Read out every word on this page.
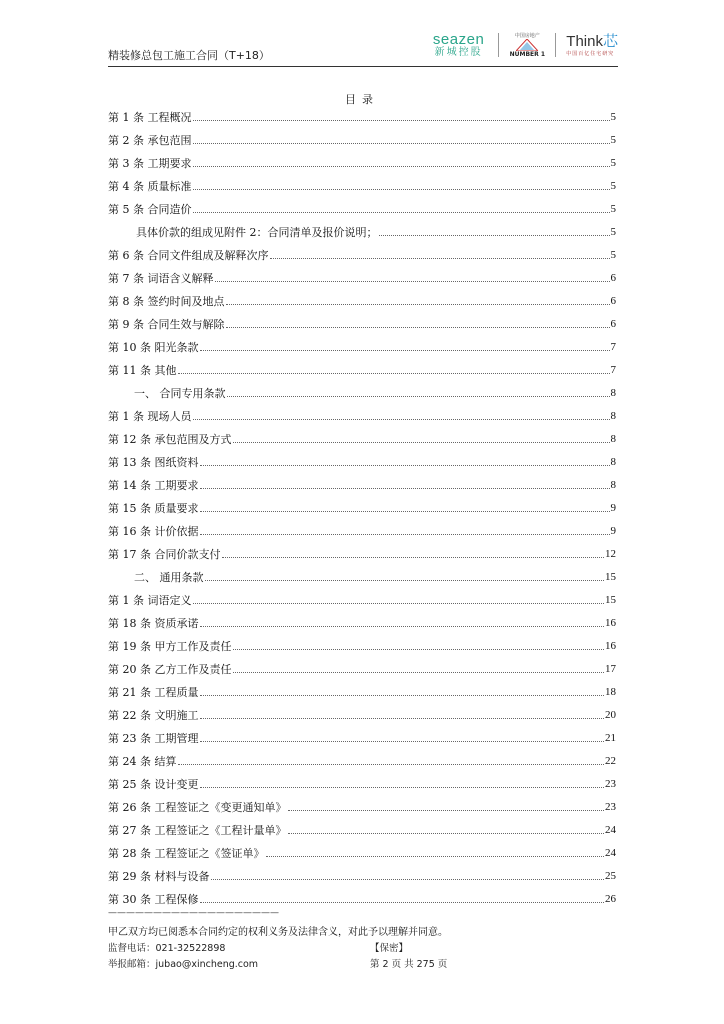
精装修总包工施工合同（T+18）
seazen
新城控股
中国房地产
NUMBER 1
Think芯
中国百亿住宅研究
目录
第 1 条 工程概况	5
第 2 条 承包范围	5
第 3 条 工期要求	5
第 4 条 质量标准	5
第 5 条 合同造价	5
具体价款的组成见附件 2：合同清单及报价说明；	5
第 6 条 合同文件组成及解释次序	5
第 7 条 词语含义解释	6
第 8 条 签约时间及地点	6
第 9 条 合同生效与解除	6
第 10 条 阳光条款	7
第 11 条 其他	7
一、 合同专用条款	8
第 1 条 现场人员	8
第 12 条 承包范围及方式	8
第 13 条 图纸资料	8
第 14 条 工期要求	8
第 15 条 质量要求	9
第 16 条 计价依据	9
第 17 条 合同价款支付	12
二、 通用条款	15
第 1 条 词语定义	15
第 18 条 资质承诺	16
第 19 条 甲方工作及责任	16
第 20 条 乙方工作及责任	17
第 21 条 工程质量	18
第 22 条 文明施工	20
第 23 条 工期管理	21
第 24 条 结算	22
第 25 条 设计变更	23
第 26 条 工程签证之《变更通知单》	23
第 27 条 工程签证之《工程计量单》	24
第 28 条 工程签证之《签证单》	24
第 29 条 材料与设备	25
第 30 条 工程保修	26
———————————————————
甲乙双方均已阅悉本合同约定的权利义务及法律含义，对此予以理解并同意。
监督电话：021-32522898	【保密】
举报邮箱：jubao@xincheng.com	第 2 页 共 275 页
